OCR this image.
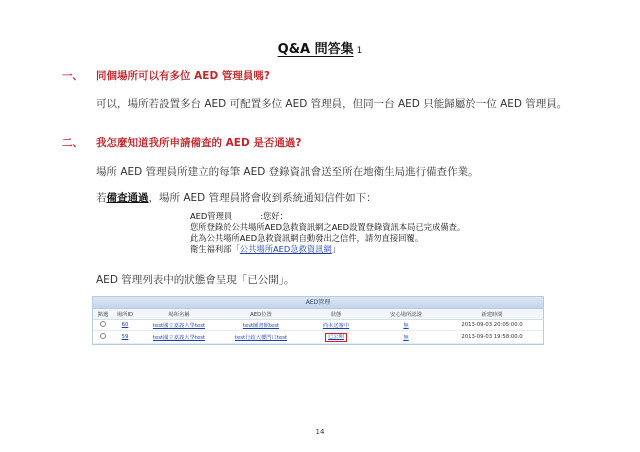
Q&A 問答集 1
一、 同個場所可以有多位 AED 管理員嗎?
可以，場所若設置多台 AED 可配置多位 AED 管理員，但同一台 AED 只能歸屬於一位 AED 管理員。
二、 我怎麼知道我所申請備查的 AED 是否通過?
場所 AED 管理員所建立的每筆 AED 登錄資訊會送至所在地衛生局進行備查作業。
若備查通過，場所 AED 管理員將會收到系統通知信件如下：
AED管理員	:您好：
您所登錄於公共場所AED急救資訊網之AED設置登錄資訊本局已完成備查。
此為公共場所AED急救資訊網自動發出之信件，請勿直接回覆。
衛生福利部「公共場所AED急救資訊網」
AED 管理列表中的狀態會呈現「已公開」。
AED管理
點選	場所ID	場所名稱	AED位置	狀態	安心場所認證	新建時間
60	test國立嘉義大學test	test圖書館test	尚未送審中	無	2013-09-03 20:05:00.0
59	test國立嘉義大學test	test行政大樓門口test	已公開	無	2013-09-03 19:58:00.0
14
